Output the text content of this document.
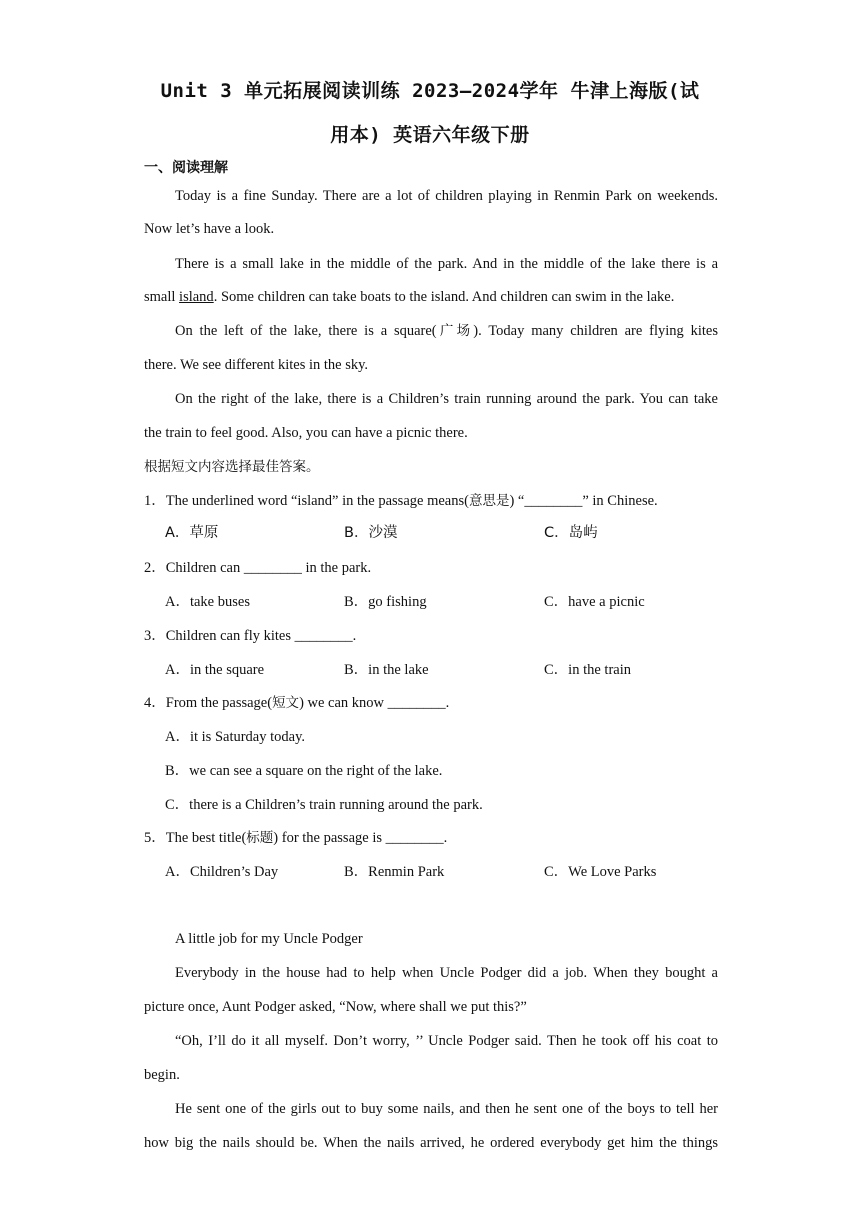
Unit 3 单元拓展阅读训练 2023—2024学年 牛津上海版(试
用本) 英语六年级下册
一、阅读理解
Today is a fine Sunday. There are a lot of children playing in Renmin Park on weekends.
Now let’s have a look.
There is a small lake in the middle of the park. And in the middle of the lake there is a
small island. Some children can take boats to the island. And children can swim in the lake.
On the left of the lake, there is a square(广场). Today many children are flying kites
there. We see different kites in the sky.
On the right of the lake, there is a Children’s train running around the park. You can take
the train to feel good. Also, you can have a picnic there.
根据短文内容选择最佳答案。
1．The underlined word “island” in the passage means(意思是) “________” in Chinese.
A．草原	B．沙漠	C．岛屿
2．Children can ________ in the park.
A．take buses	B．go fishing	C．have a picnic
3．Children can fly kites ________.
A．in the square	B．in the lake	C．in the train
4．From the passage(短文) we can know ________.
A．it is Saturday today.
B．we can see a square on the right of the lake.
C．there is a Children’s train running around the park.
5．The best title(标题) for the passage is ________.
A．Children’s Day	B．Renmin Park	C．We Love Parks
A little job for my Uncle Podger
Everybody in the house had to help when Uncle Podger did a job. When they bought a
picture once, Aunt Podger asked, “Now, where shall we put this?”
“Oh, I’ll do it all myself. Don’t worry, ’’ Uncle Podger said. Then he took off his coat to
begin.
He sent one of the girls out to buy some nails, and then he sent one of the boys to tell her
how big the nails should be. When the nails arrived, he ordered everybody get him the things
